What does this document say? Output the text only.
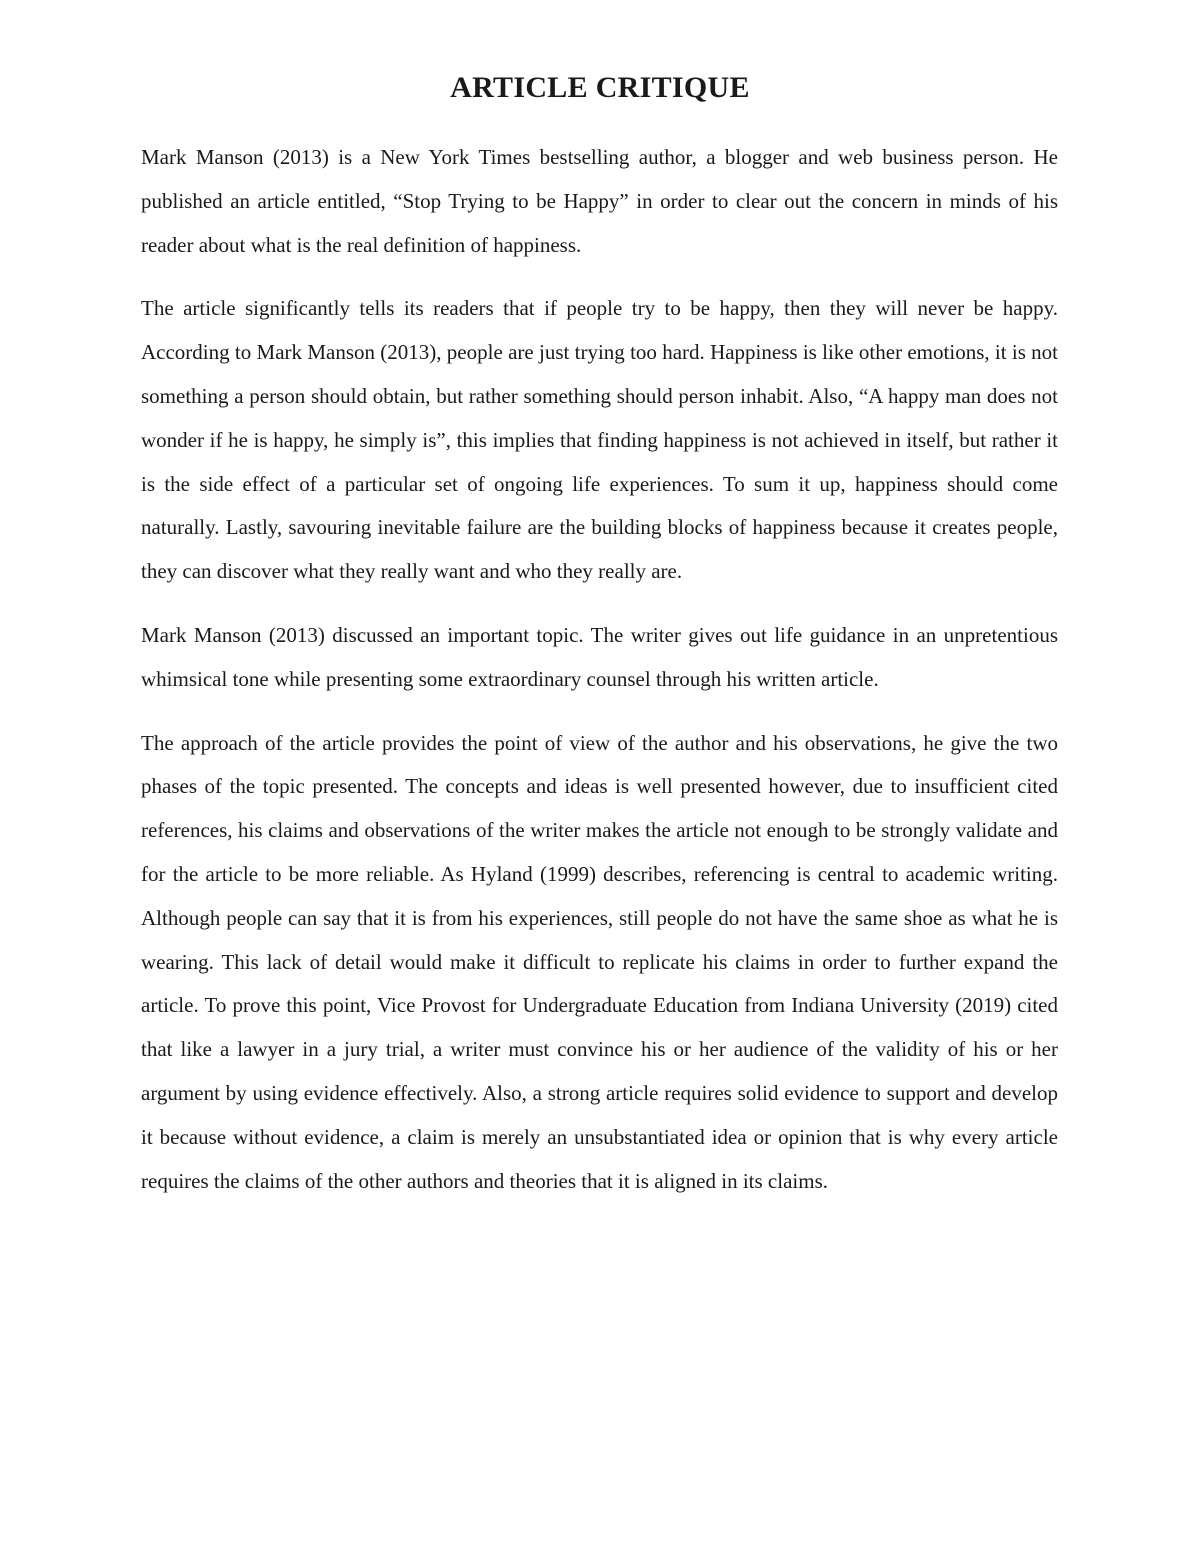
ARTICLE CRITIQUE

Mark Manson (2013) is a New York Times bestselling author, a blogger and web business person. He published an article entitled, “Stop Trying to be Happy” in order to clear out the concern in minds of his reader about what is the real definition of happiness.

The article significantly tells its readers that if people try to be happy, then they will never be happy. According to Mark Manson (2013), people are just trying too hard. Happiness is like other emotions, it is not something a person should obtain, but rather something should person inhabit. Also, “A happy man does not wonder if he is happy, he simply is”, this implies that finding happiness is not achieved in itself, but rather it is the side effect of a particular set of ongoing life experiences. To sum it up, happiness should come naturally. Lastly, savouring inevitable failure are the building blocks of happiness because it creates people, they can discover what they really want and who they really are.

Mark Manson (2013) discussed an important topic. The writer gives out life guidance in an unpretentious whimsical tone while presenting some extraordinary counsel through his written article.

The approach of the article provides the point of view of the author and his observations, he give the two phases of the topic presented. The concepts and ideas is well presented however, due to insufficient cited references, his claims and observations of the writer makes the article not enough to be strongly validate and for the article to be more reliable. As Hyland (1999) describes, referencing is central to academic writing. Although people can say that it is from his experiences, still people do not have the same shoe as what he is wearing. This lack of detail would make it difficult to replicate his claims in order to further expand the article. To prove this point, Vice Provost for Undergraduate Education from Indiana University (2019) cited that like a lawyer in a jury trial, a writer must convince his or her audience of the validity of his or her argument by using evidence effectively. Also, a strong article requires solid evidence to support and develop it because without evidence, a claim is merely an unsubstantiated idea or opinion that is why every article requires the claims of the other authors and theories that it is aligned in its claims.
